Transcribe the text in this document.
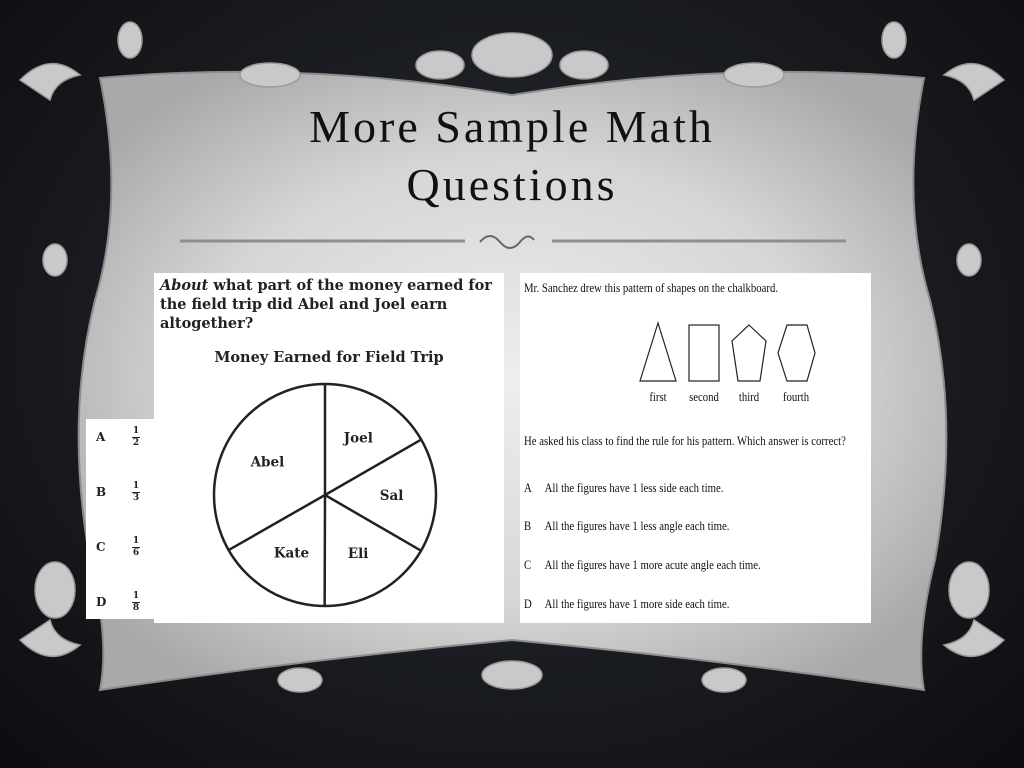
More Sample Math
Questions
About what part of the money earned for the field trip did Abel and Joel earn altogether?
Money Earned for Field Trip
Joel
Sal
Eli
Kate
Abel
A	$\frac{1}{2}$
B	$\frac{1}{3}$
C	$\frac{1}{6}$
D	$\frac{1}{8}$
Mr. Sanchez drew this pattern of shapes on the chalkboard.
first second third fourth
He asked his class to find the rule for his pattern. Which answer is correct?
A All the figures have 1 less side each time.
B All the figures have 1 less angle each time.
C All the figures have 1 more acute angle each time.
D All the figures have 1 more side each time.
